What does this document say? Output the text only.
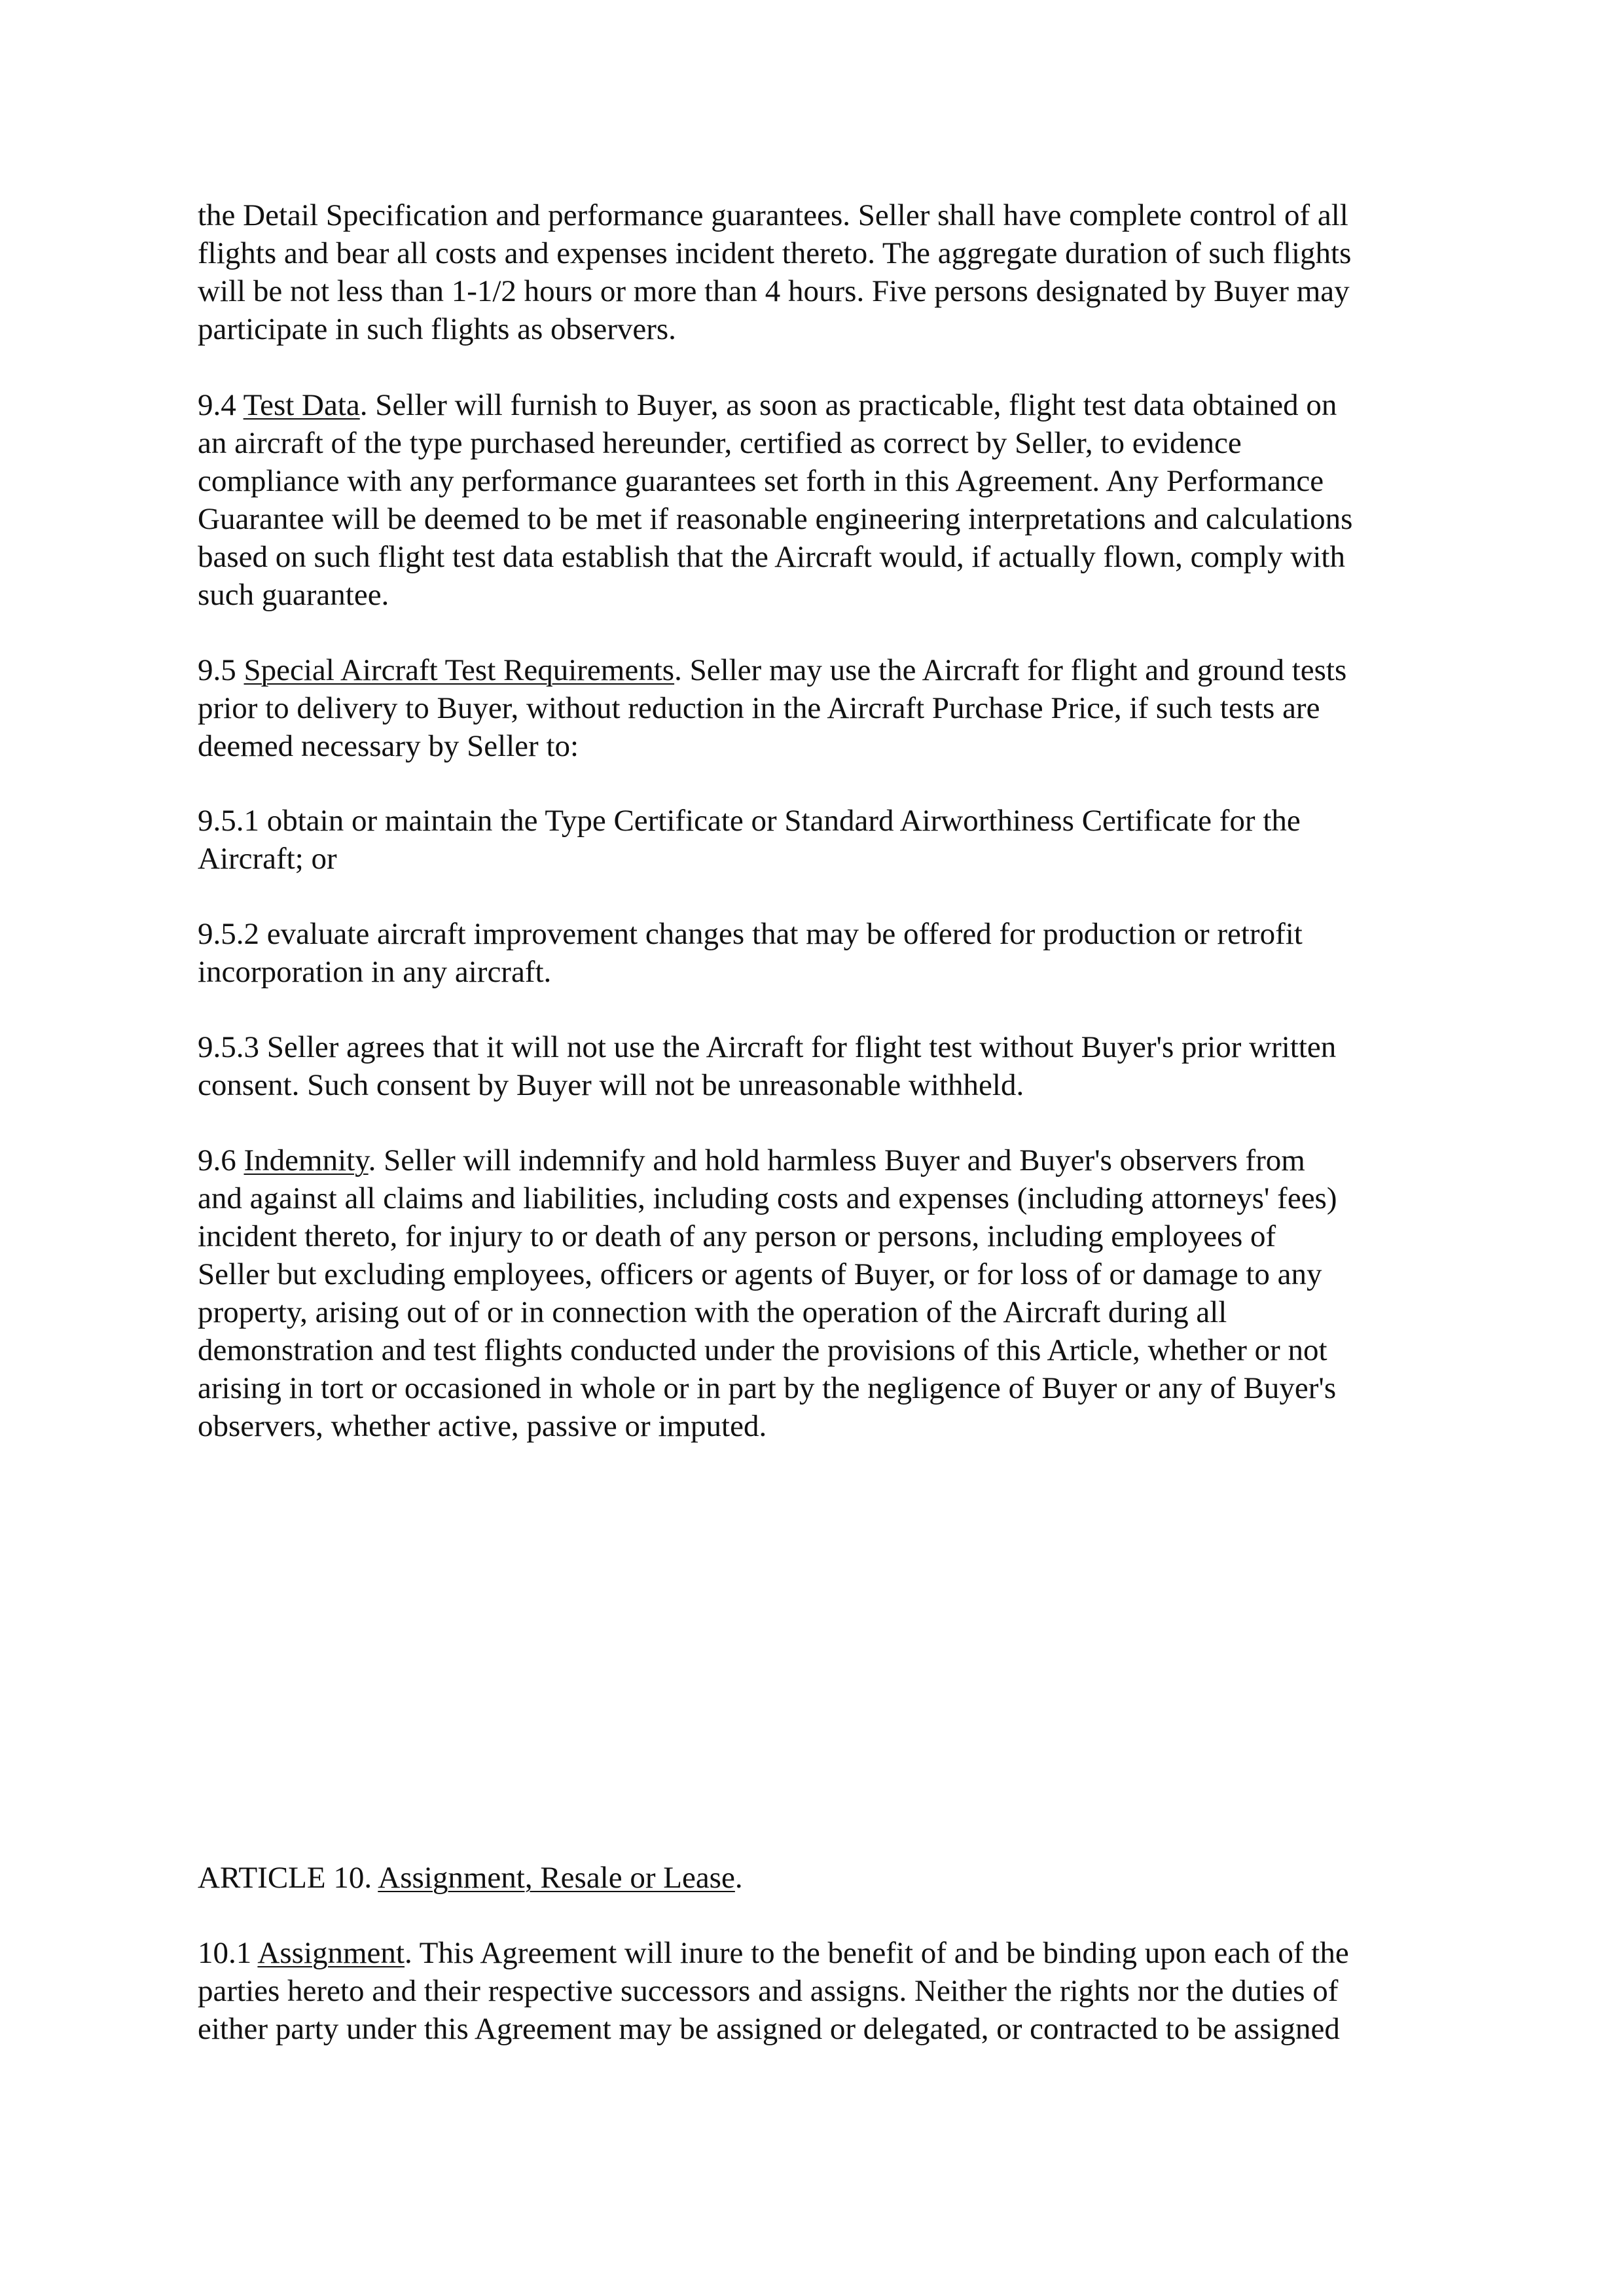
the Detail Specification and performance guarantees. Seller shall have complete control of all
flights and bear all costs and expenses incident thereto. The aggregate duration of such flights
will be not less than 1-1/2 hours or more than 4 hours. Five persons designated by Buyer may
participate in such flights as observers.
9.4 Test Data. Seller will furnish to Buyer, as soon as practicable, flight test data obtained on
an aircraft of the type purchased hereunder, certified as correct by Seller, to evidence
compliance with any performance guarantees set forth in this Agreement. Any Performance
Guarantee will be deemed to be met if reasonable engineering interpretations and calculations
based on such flight test data establish that the Aircraft would, if actually flown, comply with
such guarantee.
9.5 Special Aircraft Test Requirements. Seller may use the Aircraft for flight and ground tests
prior to delivery to Buyer, without reduction in the Aircraft Purchase Price, if such tests are
deemed necessary by Seller to:
9.5.1 obtain or maintain the Type Certificate or Standard Airworthiness Certificate for the
Aircraft; or
9.5.2 evaluate aircraft improvement changes that may be offered for production or retrofit
incorporation in any aircraft.
9.5.3 Seller agrees that it will not use the Aircraft for flight test without Buyer's prior written
consent. Such consent by Buyer will not be unreasonable withheld.
9.6 Indemnity. Seller will indemnify and hold harmless Buyer and Buyer's observers from
and against all claims and liabilities, including costs and expenses (including attorneys' fees)
incident thereto, for injury to or death of any person or persons, including employees of
Seller but excluding employees, officers or agents of Buyer, or for loss of or damage to any
property, arising out of or in connection with the operation of the Aircraft during all
demonstration and test flights conducted under the provisions of this Article, whether or not
arising in tort or occasioned in whole or in part by the negligence of Buyer or any of Buyer's
observers, whether active, passive or imputed.
ARTICLE 10. Assignment, Resale or Lease.
10.1 Assignment. This Agreement will inure to the benefit of and be binding upon each of the
parties hereto and their respective successors and assigns. Neither the rights nor the duties of
either party under this Agreement may be assigned or delegated, or contracted to be assigned
